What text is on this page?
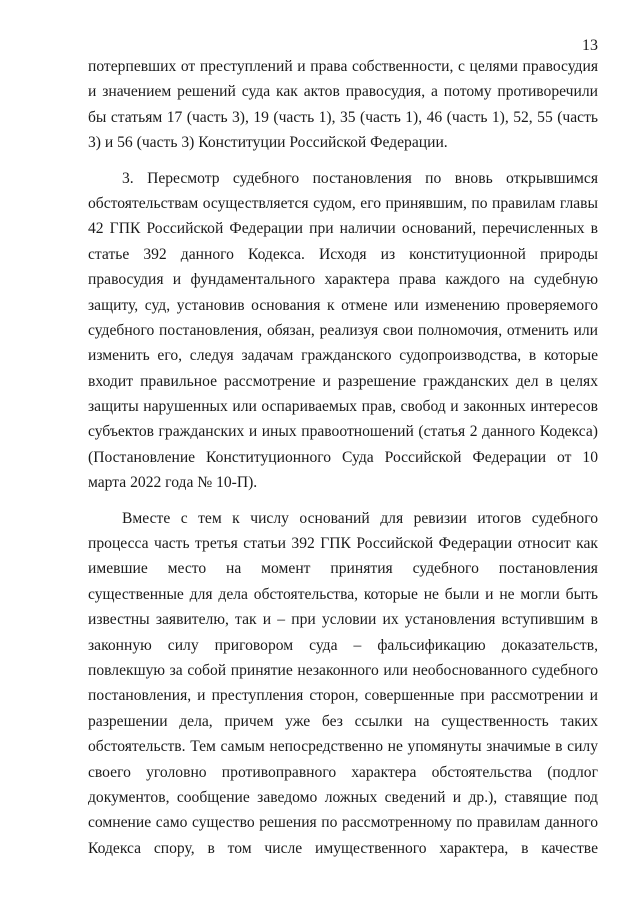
13
потерпевших от преступлений и права собственности, с целями правосудия
и значением решений суда как актов правосудия, а потому противоречили
бы статьям 17 (часть 3), 19 (часть 1), 35 (часть 1), 46 (часть 1), 52, 55 (часть
3) и 56 (часть 3) Конституции Российской Федерации.
3. Пересмотр судебного постановления по вновь открывшимся
обстоятельствам осуществляется судом, его принявшим, по правилам главы
42 ГПК Российской Федерации при наличии оснований, перечисленных в
статье 392 данного Кодекса. Исходя из конституционной природы
правосудия и фундаментального характера права каждого на судебную
защиту, суд, установив основания к отмене или изменению проверяемого
судебного постановления, обязан, реализуя свои полномочия, отменить или
изменить его, следуя задачам гражданского судопроизводства, в которые
входит правильное рассмотрение и разрешение гражданских дел в целях
защиты нарушенных или оспариваемых прав, свобод и законных интересов
субъектов гражданских и иных правоотношений (статья 2 данного Кодекса)
(Постановление Конституционного Суда Российской Федерации от 10
марта 2022 года № 10-П).
Вместе с тем к числу оснований для ревизии итогов судебного
процесса часть третья статьи 392 ГПК Российской Федерации относит как
имевшие место на момент принятия судебного постановления
существенные для дела обстоятельства, которые не были и не могли быть
известны заявителю, так и – при условии их установления вступившим в
законную силу приговором суда – фальсификацию доказательств,
повлекшую за собой принятие незаконного или необоснованного судебного
постановления, и преступления сторон, совершенные при рассмотрении и
разрешении дела, причем уже без ссылки на существенность таких
обстоятельств. Тем самым непосредственно не упомянуты значимые в силу
своего уголовно противоправного характера обстоятельства (подлог
документов, сообщение заведомо ложных сведений и др.), ставящие под
сомнение само существо решения по рассмотренному по правилам данного
Кодекса спору, в том числе имущественного характера, в качестве
